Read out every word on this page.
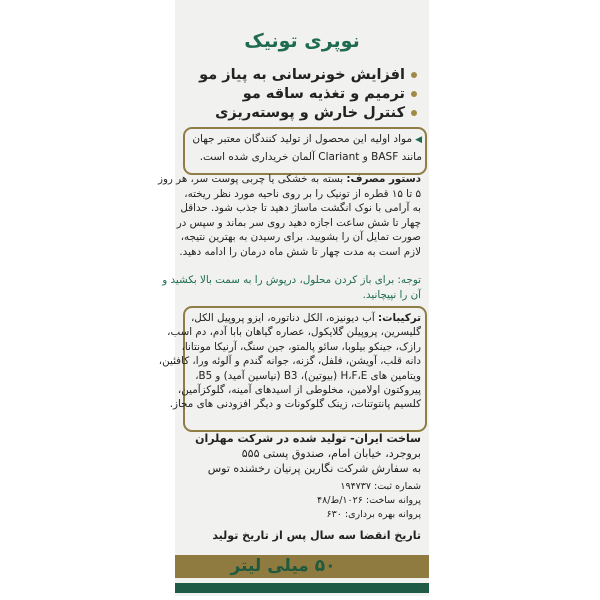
نوپری تونیک
افزایش خونرسانی به پیاز مو
ترمیم و تغذیه ساقه مو
کنترل خارش و پوسته‌ریزی
◀مواد اولیه این محصول از تولید کنندگان معتبر جهان
مانند BASF و Clariant آلمان خریداری شده است.
دستور مصرف: بسته به خشکی یا چربی پوست سر، هر روز
۵ تا ۱۵ قطره از تونیک را بر روی ناحیه مورد نظر ریخته،
به آرامی با نوک انگشت ماساژ دهید تا جذب شود. حداقل
چهار تا شش ساعت اجازه دهید روی سر بماند و سپس در
صورت تمایل آن را بشویید. برای رسیدن به بهترین نتیجه،
لازم است به مدت چهار تا شش ماه درمان را ادامه دهید.
توجه: برای باز کردن محلول، درپوش را به سمت بالا بکشید و
آن را نپیچانید.
ترکیبات: آب دیونیزه، الکل دناتوره، ایزو پروپیل الکل،
گلیسرین، پروپیلن گلایکول، عصاره گیاهان بابا آدم، دم اسب،
رازک، جینکو بیلوبا، سائو پالمتو، جین سنگ، آرنیکا مونتانا،
دانه قلب، آویشن، فلفل، گزنه، جوانه گندم و آلوئه ورا، کافئین،
ویتامین های H،F،E (بیوتین)، B3 (نیاسین آمید) و B5،
پیروکتون اولامین، مخلوطی از اسیدهای آمینه، گلوکزآمین،
کلسیم پانتوتنات، زینک گلوکونات و دیگر افزودنی های مجاز.
ساخت ایران- تولید شده در شرکت مهلران
بروجرد، خیابان امام، صندوق پستی ۵۵۵
به سفارش شرکت نگارین پرنیان رخشنده توس
شماره ثبت: ۱۹۴۷۳۷
پروانه ساخت: ۱۰۲۶/ط/۴۸
پروانه بهره برداری: ۶۳۰
تاریخ انقضا سه سال پس از تاریخ تولید
۵۰ میلی لیتر
